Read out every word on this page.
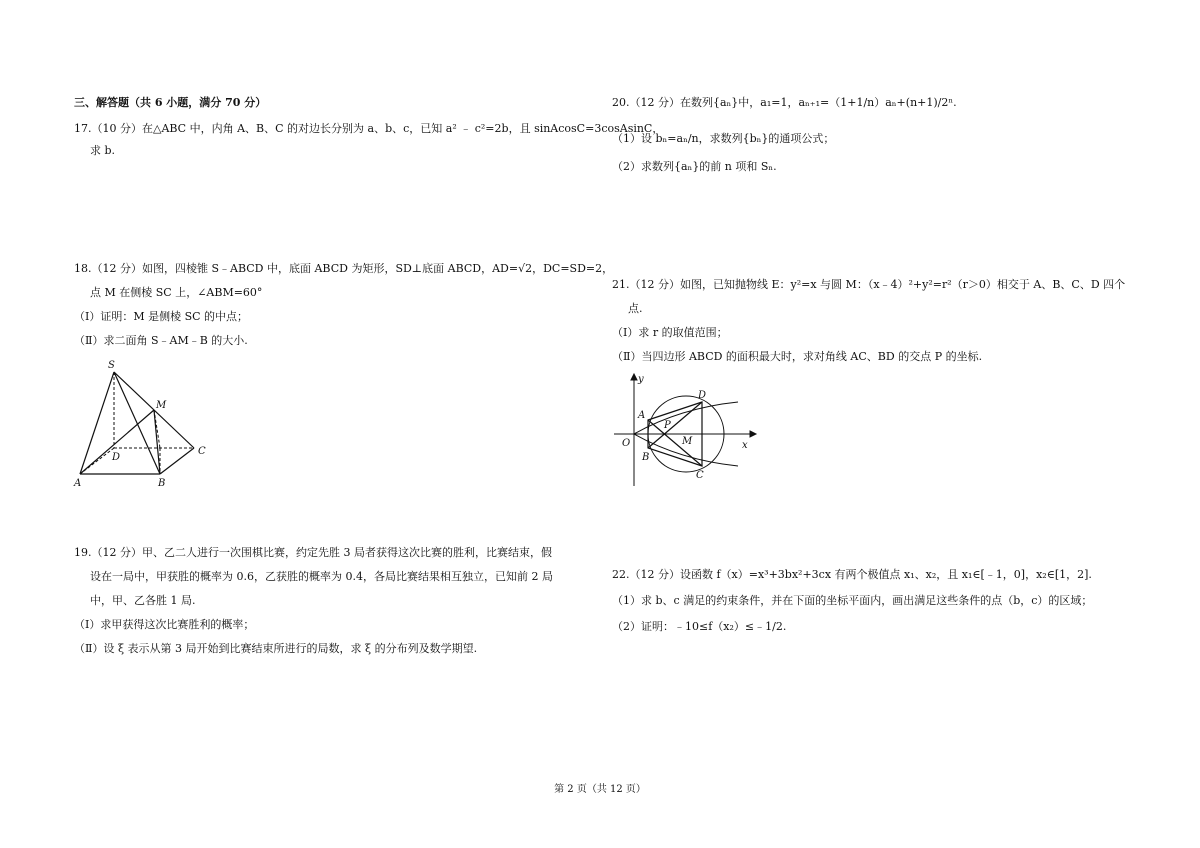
三、解答题（共 6 小题，满分 70 分）
17.（10 分）在△ABC 中，内角 A、B、C 的对边长分别为 a、b、c，已知 a² ﹣ c²=2b，且 sinAcosC=3cosAsinC，
求 b.
18.（12 分）如图，四棱锥 S﹣ABCD 中，底面 ABCD 为矩形，SD⊥底面 ABCD，AD=√2，DC=SD=2，
点 M 在侧棱 SC 上，∠ABM=60°
（I）证明：M 是侧棱 SC 的中点；
（Ⅱ）求二面角 S﹣AM﹣B 的大小.
19.（12 分）甲、乙二人进行一次围棋比赛，约定先胜 3 局者获得这次比赛的胜利，比赛结束，假
设在一局中，甲获胜的概率为 0.6，乙获胜的概率为 0.4，各局比赛结果相互独立，已知前 2 局
中，甲、乙各胜 1 局.
（I）求甲获得这次比赛胜利的概率；
（Ⅱ）设 ξ 表示从第 3 局开始到比赛结束所进行的局数，求 ξ 的分布列及数学期望.
S
M
D
C
A	B
20.（12 分）在数列{aₙ}中，a₁=1，aₙ₊₁=（1+1/n）aₙ+(n+1)/2ⁿ.
（1）设 bₙ=aₙ/n，求数列{bₙ}的通项公式；
（2）求数列{aₙ}的前 n 项和 Sₙ.
21.（12 分）如图，已知抛物线 E：y²=x 与圆 M：（x﹣4）²+y²=r²（r＞0）相交于 A、B、C、D 四个
点.
（Ⅰ）求 r 的取值范围；
（Ⅱ）当四边形 ABCD 的面积最大时，求对角线 AC、BD 的交点 P 的坐标.
22.（12 分）设函数 f（x）=x³+3bx²+3cx 有两个极值点 x₁、x₂，且 x₁∈[﹣1，0]，x₂∈[1，2].
（1）求 b、c 满足的约束条件，并在下面的坐标平面内，画出满足这些条件的点（b，c）的区域；
（2）证明：﹣10≤f（x₂）≤﹣1/2.
y
D
A
P
O	M	x
B
C
第 2 页（共 12 页）
